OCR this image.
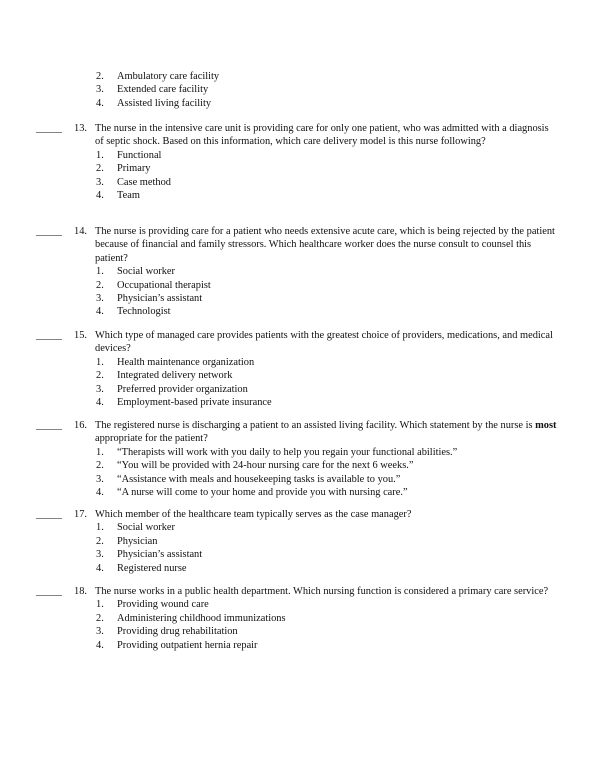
2. Ambulatory care facility
3. Extended care facility
4. Assisted living facility
_____ 13. The nurse in the intensive care unit is providing care for only one patient, who was admitted with a diagnosis of septic shock. Based on this information, which care delivery model is this nurse following?
1. Functional
2. Primary
3. Case method
4. Team
_____ 14. The nurse is providing care for a patient who needs extensive acute care, which is being rejected by the patient because of financial and family stressors. Which healthcare worker does the nurse consult to counsel this patient?
1. Social worker
2. Occupational therapist
3. Physician’s assistant
4. Technologist
_____ 15. Which type of managed care provides patients with the greatest choice of providers, medications, and medical devices?
1. Health maintenance organization
2. Integrated delivery network
3. Preferred provider organization
4. Employment-based private insurance
_____ 16. The registered nurse is discharging a patient to an assisted living facility. Which statement by the nurse is most appropriate for the patient?
1. “Therapists will work with you daily to help you regain your functional abilities.”
2. “You will be provided with 24-hour nursing care for the next 6 weeks.”
3. “Assistance with meals and housekeeping tasks is available to you.”
4. “A nurse will come to your home and provide you with nursing care.”
_____ 17. Which member of the healthcare team typically serves as the case manager?
1. Social worker
2. Physician
3. Physician’s assistant
4. Registered nurse
_____ 18. The nurse works in a public health department. Which nursing function is considered a primary care service?
1. Providing wound care
2. Administering childhood immunizations
3. Providing drug rehabilitation
4. Providing outpatient hernia repair
